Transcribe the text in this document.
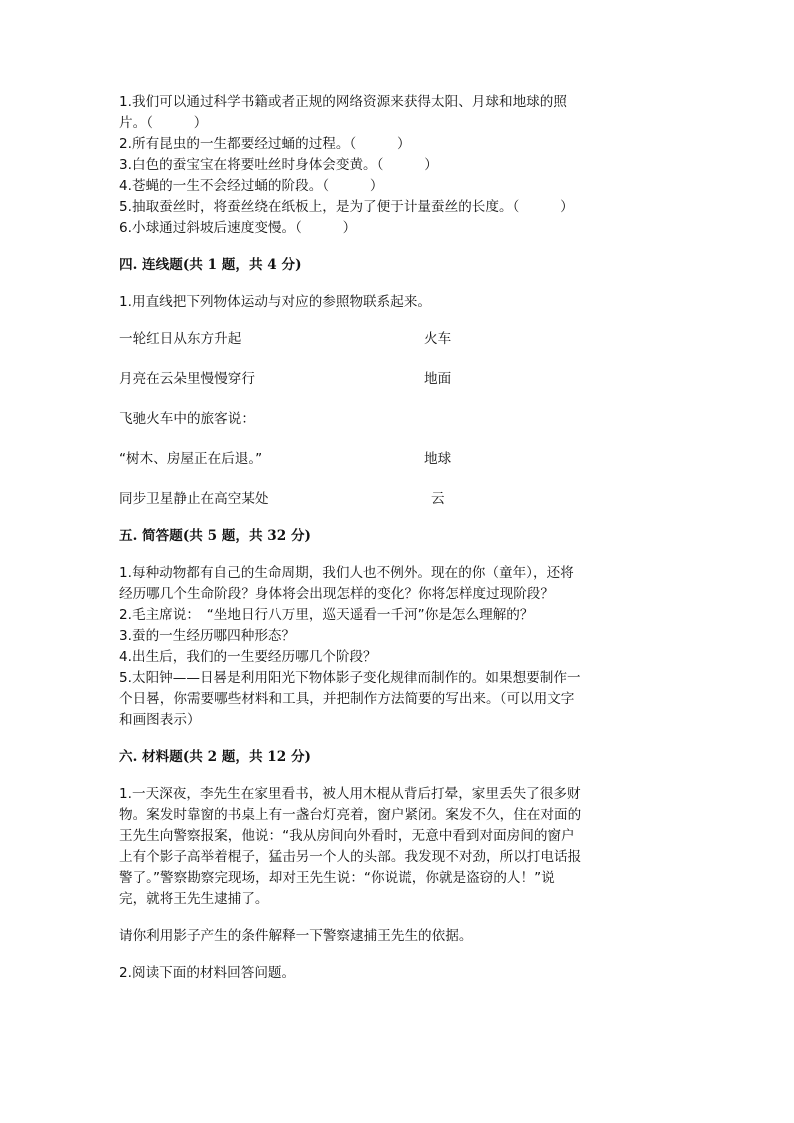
1.我们可以通过科学书籍或者正规的网络资源来获得太阳、月球和地球的照
片。（　　　）
2.所有昆虫的一生都要经过蛹的过程。（　　　）
3.白色的蚕宝宝在将要吐丝时身体会变黄。（　　　）
4.苍蝇的一生不会经过蛹的阶段。（　　　）
5.抽取蚕丝时，将蚕丝绕在纸板上，是为了便于计量蚕丝的长度。（　　　）
6.小球通过斜坡后速度变慢。（　　　）
四. 连线题(共 1 题，共 4 分)
1.用直线把下列物体运动与对应的参照物联系起来。
一轮红日从东方升起	火车
月亮在云朵里慢慢穿行	地面
飞驰火车中的旅客说：
“树木、房屋正在后退。”	地球
同步卫星静止在高空某处	云
五. 简答题(共 5 题，共 32 分)
1.每种动物都有自己的生命周期，我们人也不例外。现在的你（童年），还将
经历哪几个生命阶段？身体将会出现怎样的变化？你将怎样度过现阶段？
2.毛主席说：　“坐地日行八万里，巡天遥看一千河”你是怎么理解的？
3.蚕的一生经历哪四种形态？
4.出生后，我们的一生要经历哪几个阶段？
5.太阳钟——日晷是利用阳光下物体影子变化规律而制作的。如果想要制作一
个日晷，你需要哪些材料和工具，并把制作方法简要的写出来。（可以用文字
和画图表示）
六. 材料题(共 2 题，共 12 分)
1.一天深夜，李先生在家里看书，被人用木棍从背后打晕，家里丢失了很多财
物。案发时靠窗的书桌上有一盏台灯亮着，窗户紧闭。案发不久，住在对面的
王先生向警察报案，他说：“我从房间向外看时，无意中看到对面房间的窗户
上有个影子高举着棍子，猛击另一个人的头部。我发现不对劲，所以打电话报
警了。”警察勘察完现场，却对王先生说：“你说谎，你就是盗窃的人！”说
完，就将王先生逮捕了。
请你利用影子产生的条件解释一下警察逮捕王先生的依据。
2.阅读下面的材料回答问题。
